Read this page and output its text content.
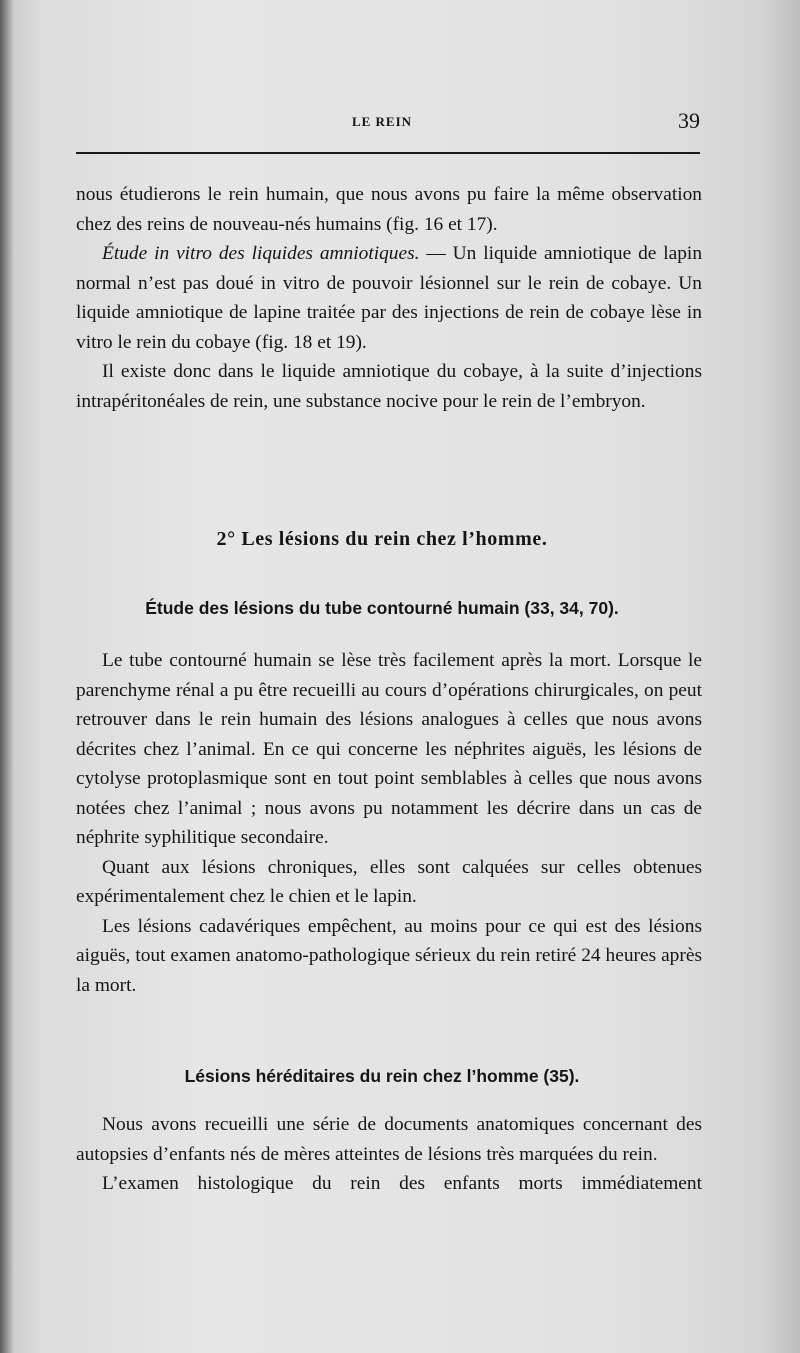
LE REIN	39

nous étudierons le rein humain, que nous avons pu faire la même observation chez des reins de nouveau-nés humains (fig. 16 et 17).

Étude in vitro des liquides amniotiques. — Un liquide amniotique de lapin normal n’est pas doué in vitro de pouvoir lésionnel sur le rein de cobaye. Un liquide amniotique de lapine traitée par des injections de rein de cobaye lèse in vitro le rein du cobaye (fig. 18 et 19).

Il existe donc dans le liquide amniotique du cobaye, à la suite d’injections intrapéritonéales de rein, une substance nocive pour le rein de l’embryon.

2° Les lésions du rein chez l’homme.
Étude des lésions du tube contourné humain (33, 34, 70).

Le tube contourné humain se lèse très facilement après la mort. Lorsque le parenchyme rénal a pu être recueilli au cours d’opérations chirurgicales, on peut retrouver dans le rein humain des lésions analogues à celles que nous avons décrites chez l’animal. En ce qui concerne les néphrites aiguës, les lésions de cytolyse protoplasmique sont en tout point semblables à celles que nous avons notées chez l’animal ; nous avons pu notamment les décrire dans un cas de néphrite syphilitique secondaire.

Quant aux lésions chroniques, elles sont calquées sur celles obtenues expérimentalement chez le chien et le lapin.

Les lésions cadavériques empêchent, au moins pour ce qui est des lésions aiguës, tout examen anatomo-pathologique sérieux du rein retiré 24 heures après la mort.

Lésions héréditaires du rein chez l’homme (35).

Nous avons recueilli une série de documents anatomiques concernant des autopsies d’enfants nés de mères atteintes de lésions très marquées du rein.

L’examen histologique du rein des enfants morts immédiatement
